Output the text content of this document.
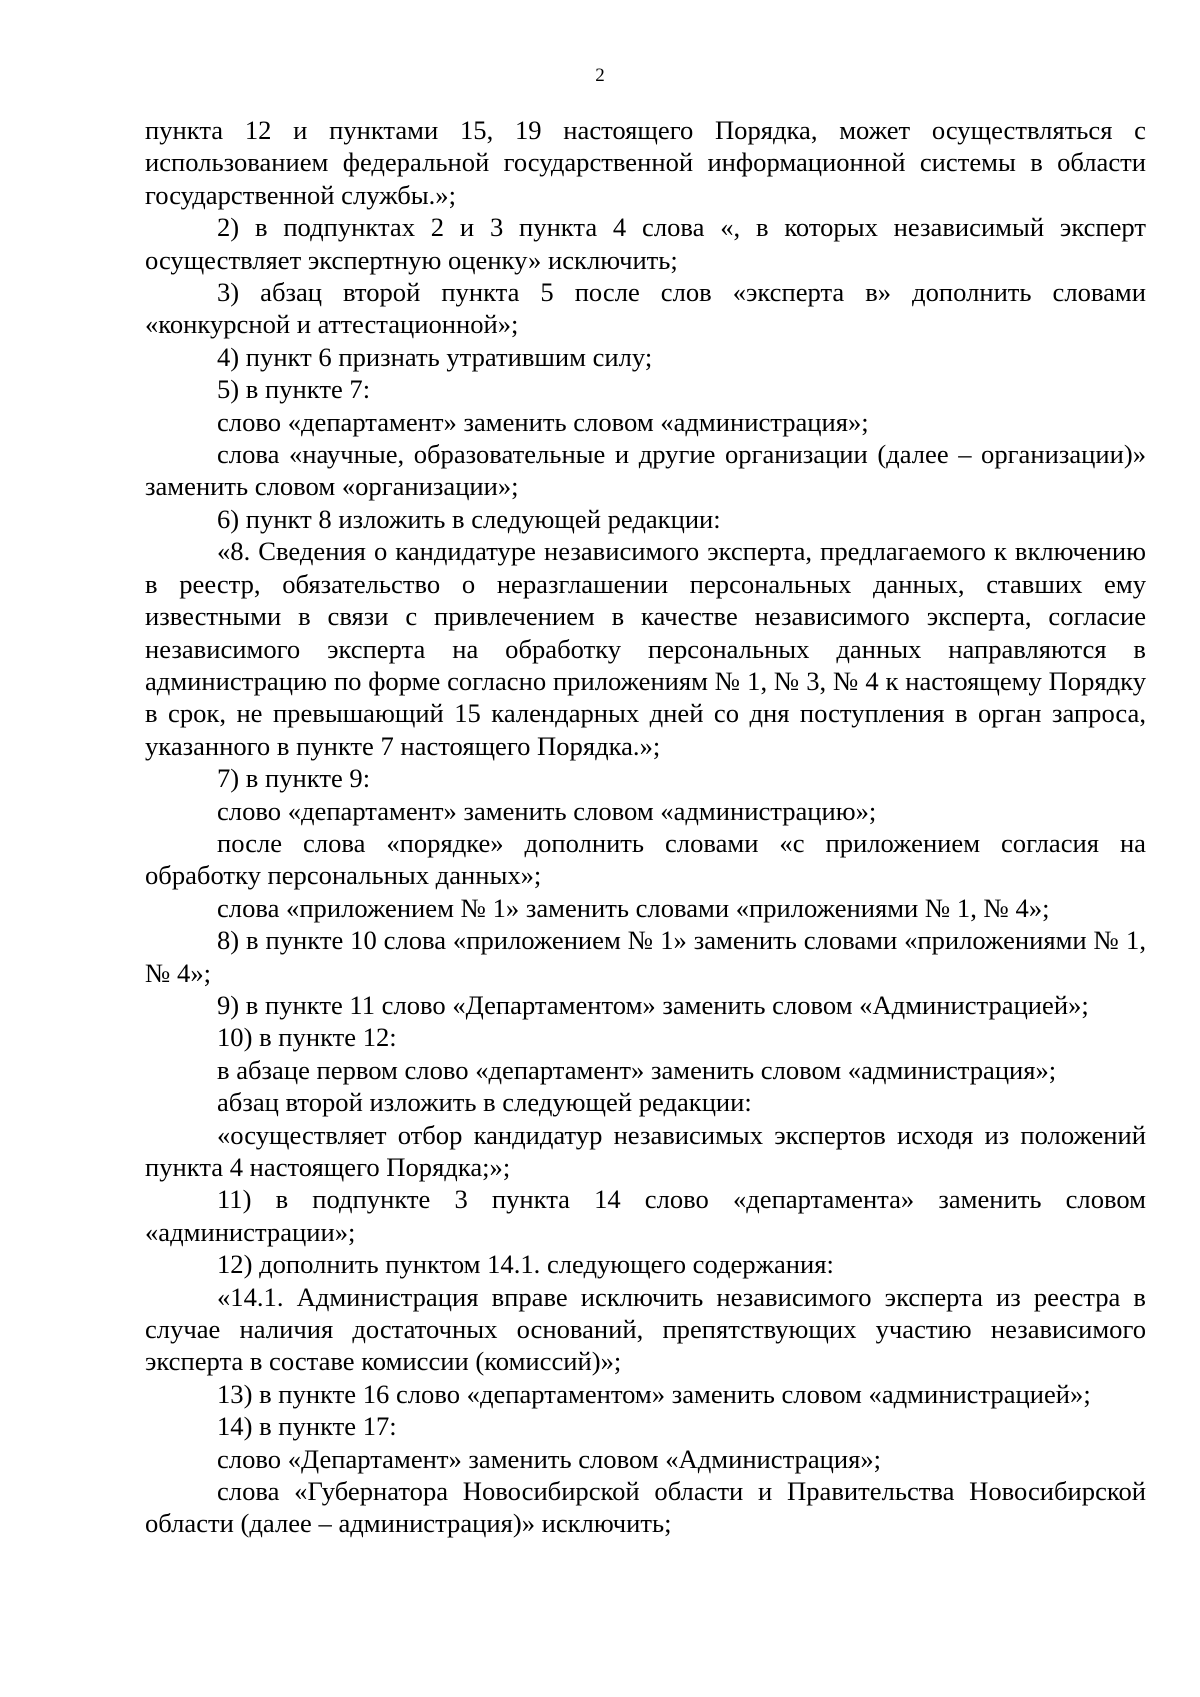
2

пункта 12 и пунктами 15, 19 настоящего Порядка, может осуществляться с использованием федеральной государственной информационной системы в области государственной службы.»;

2) в подпунктах 2 и 3 пункта 4 слова «, в которых независимый эксперт осуществляет экспертную оценку» исключить;

3) абзац второй пункта 5 после слов «эксперта в» дополнить словами «конкурсной и аттестационной»;

4) пункт 6 признать утратившим силу;

5) в пункте 7:

слово «департамент» заменить словом «администрация»;

слова «научные, образовательные и другие организации (далее – организации)» заменить словом «организации»;

6) пункт 8 изложить в следующей редакции:

«8. Сведения о кандидатуре независимого эксперта, предлагаемого к включению в реестр, обязательство о неразглашении персональных данных, ставших ему известными в связи с привлечением в качестве независимого эксперта, согласие независимого эксперта на обработку персональных данных направляются в администрацию по форме согласно приложениям № 1, № 3, № 4 к настоящему Порядку в срок, не превышающий 15 календарных дней со дня поступления в орган запроса, указанного в пункте 7 настоящего Порядка.»;

7) в пункте 9:

слово «департамент» заменить словом «администрацию»;

после слова «порядке» дополнить словами «с приложением согласия на обработку персональных данных»;

слова «приложением № 1» заменить словами «приложениями № 1, № 4»;

8) в пункте 10 слова «приложением № 1» заменить словами «приложениями № 1, № 4»;

9) в пункте 11 слово «Департаментом» заменить словом «Администрацией»;

10) в пункте 12:

в абзаце первом слово «департамент» заменить словом «администрация»;

абзац второй изложить в следующей редакции:

«осуществляет отбор кандидатур независимых экспертов исходя из положений пункта 4 настоящего Порядка;»;

11) в подпункте 3 пункта 14 слово «департамента» заменить словом «администрации»;

12) дополнить пунктом 14.1. следующего содержания:

«14.1. Администрация вправе исключить независимого эксперта из реестра в случае наличия достаточных оснований, препятствующих участию независимого эксперта в составе комиссии (комиссий)»;

13) в пункте 16 слово «департаментом» заменить словом «администрацией»;

14) в пункте 17:

слово «Департамент» заменить словом «Администрация»;

слова «Губернатора Новосибирской области и Правительства Новосибирской области (далее – администрация)» исключить;
